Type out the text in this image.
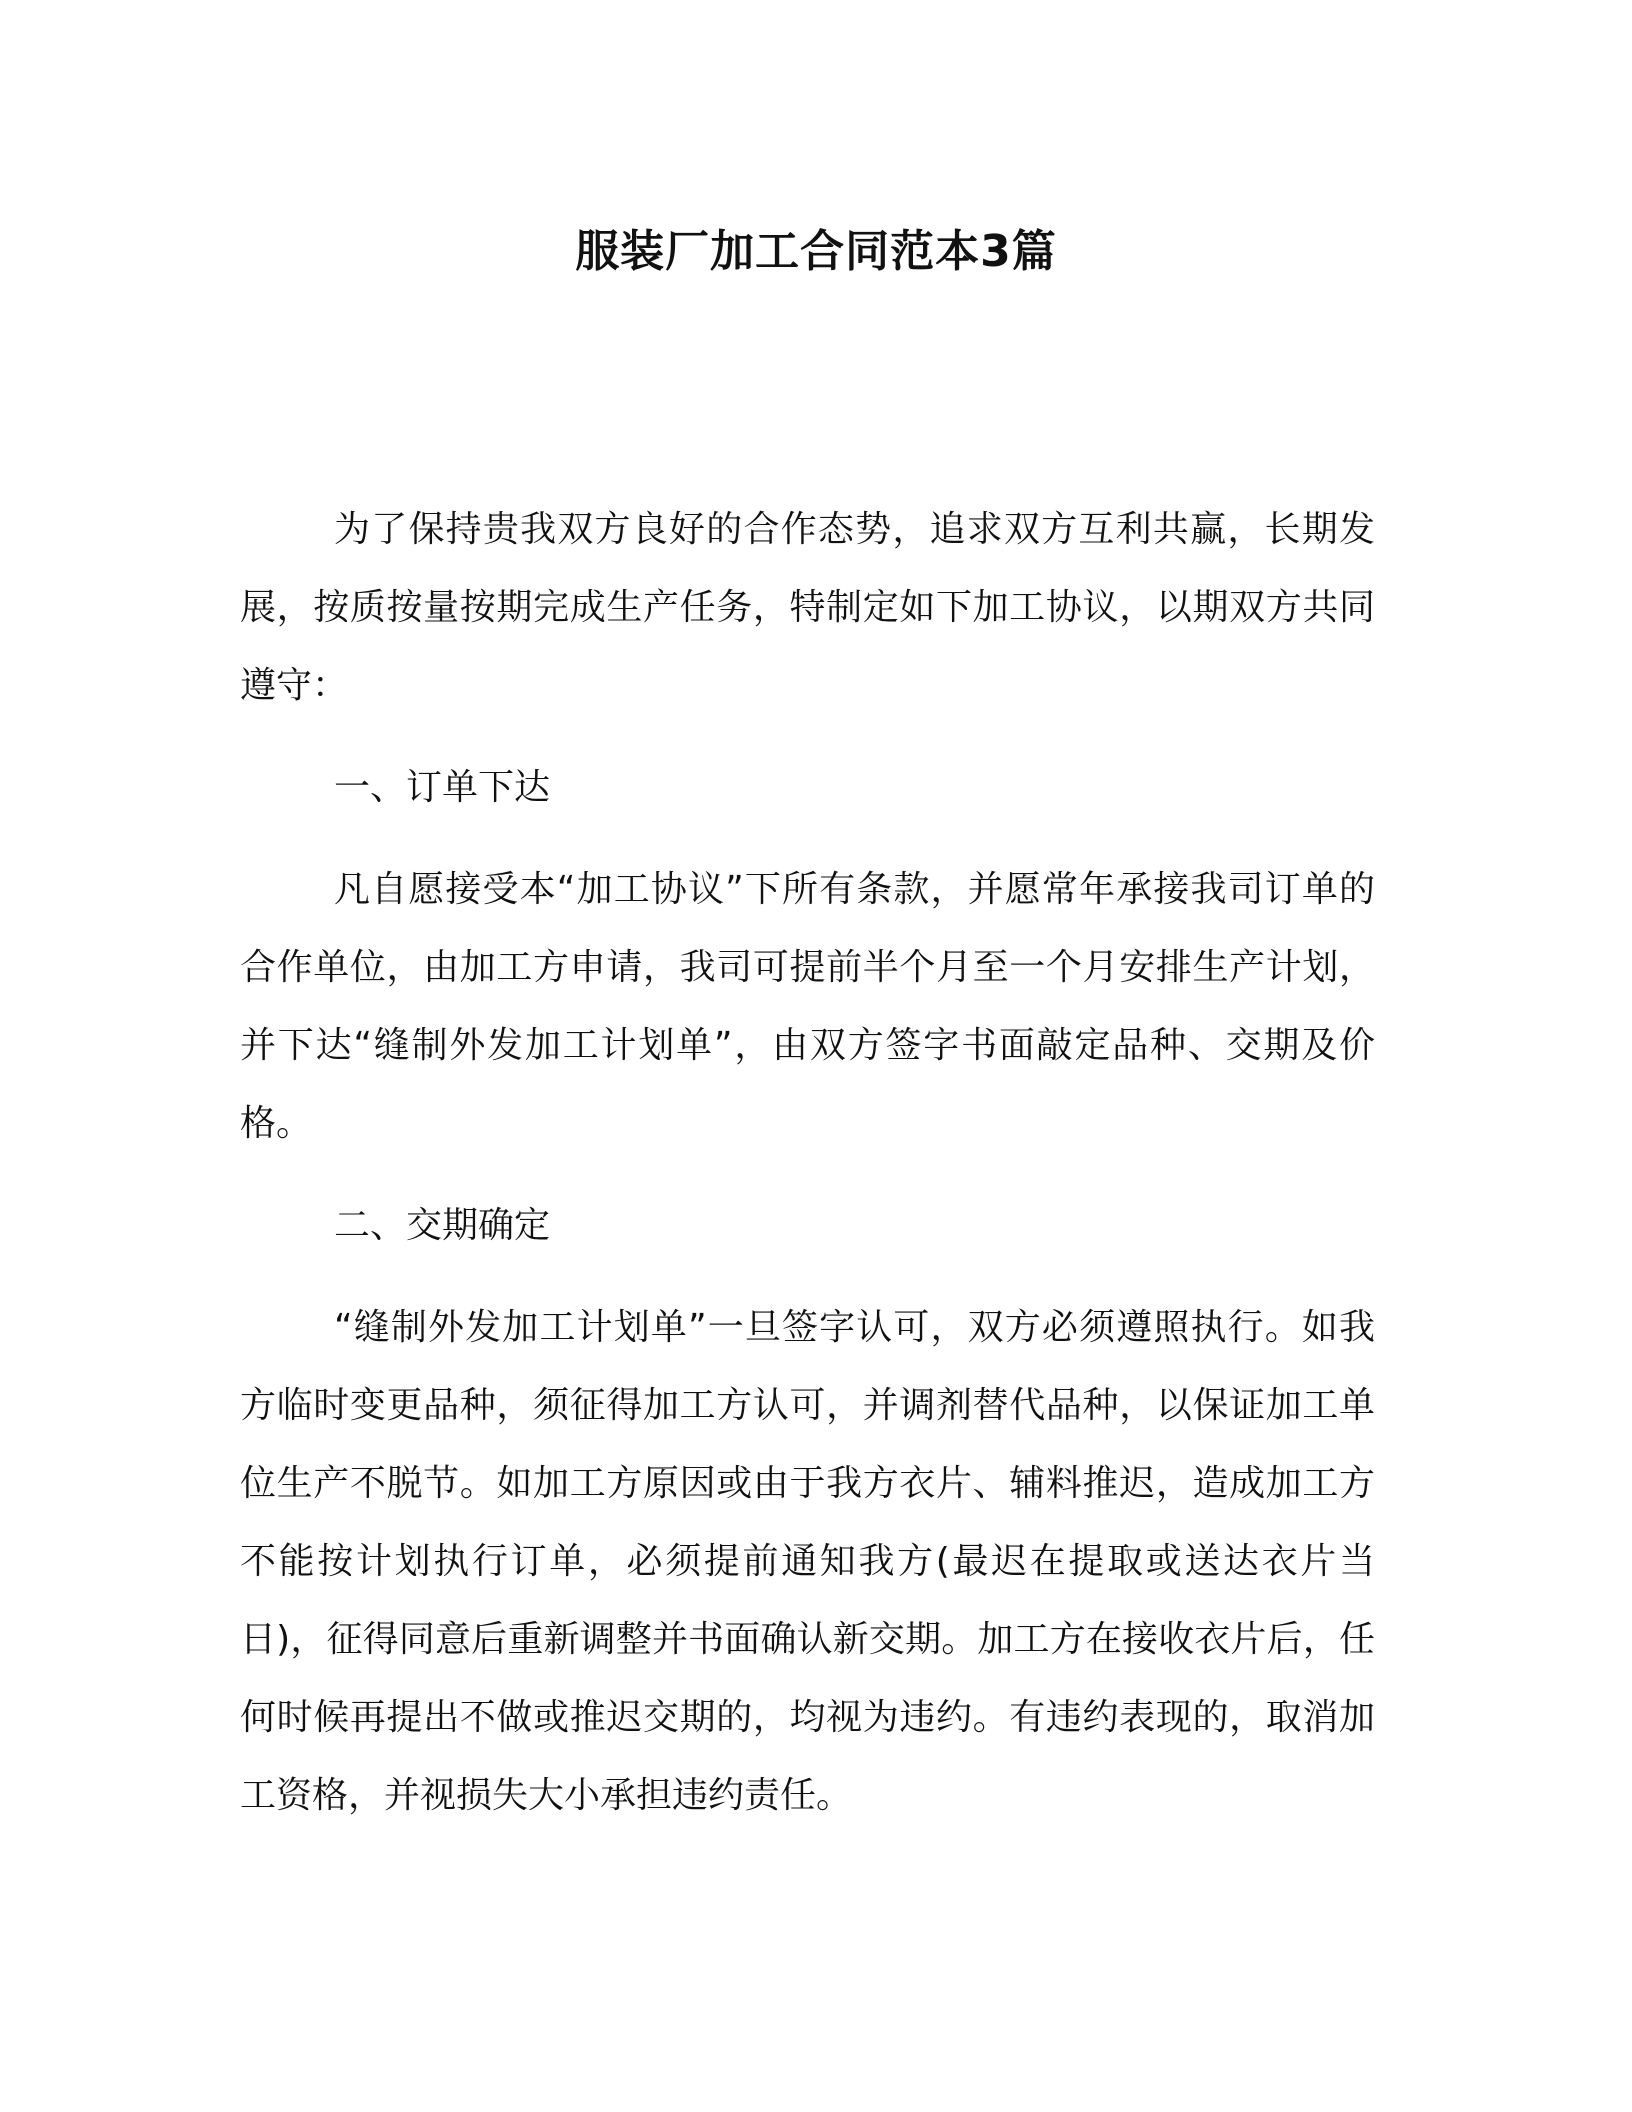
服装厂加工合同范本3篇

为了保持贵我双方良好的合作态势，追求双方互利共赢，长期发展，按质按量按期完成生产任务，特制定如下加工协议，以期双方共同遵守：

一、订单下达

凡自愿接受本“加工协议”下所有条款，并愿常年承接我司订单的合作单位，由加工方申请，我司可提前半个月至一个月安排生产计划，并下达“缝制外发加工计划单”，由双方签字书面敲定品种、交期及价格。

二、交期确定

“缝制外发加工计划单”一旦签字认可，双方必须遵照执行。如我方临时变更品种，须征得加工方认可，并调剂替代品种，以保证加工单位生产不脱节。如加工方原因或由于我方衣片、辅料推迟，造成加工方不能按计划执行订单，必须提前通知我方(最迟在提取或送达衣片当日)，征得同意后重新调整并书面确认新交期。加工方在接收衣片后，任何时候再提出不做或推迟交期的，均视为违约。有违约表现的，取消加工资格，并视损失大小承担违约责任。
